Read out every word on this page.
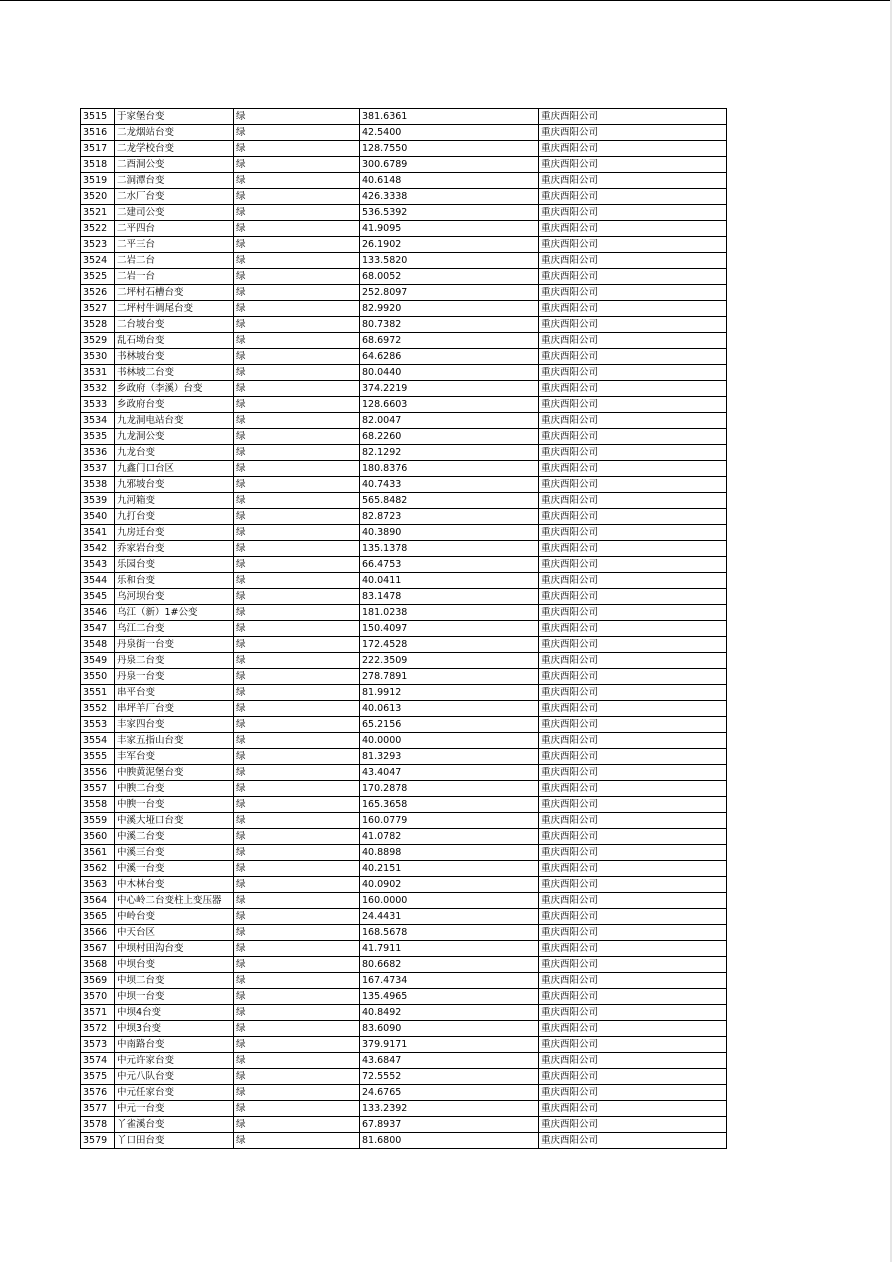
3515	于家堡台变	绿	381.6361	重庆酉阳公司
3516	二龙烟站台变	绿	42.5400	重庆酉阳公司
3517	二龙学校台变	绿	128.7550	重庆酉阳公司
3518	二酉洞公变	绿	300.6789	重庆酉阳公司
3519	二洞潭台变	绿	40.6148	重庆酉阳公司
3520	二水厂台变	绿	426.3338	重庆酉阳公司
3521	二建司公变	绿	536.5392	重庆酉阳公司
3522	二平四台	绿	41.9095	重庆酉阳公司
3523	二平三台	绿	26.1902	重庆酉阳公司
3524	二岩二台	绿	133.5820	重庆酉阳公司
3525	二岩一台	绿	68.0052	重庆酉阳公司
3526	二坪村石槽台变	绿	252.8097	重庆酉阳公司
3527	二坪村牛调尾台变	绿	82.9920	重庆酉阳公司
3528	二台坡台变	绿	80.7382	重庆酉阳公司
3529	乱石坳台变	绿	68.6972	重庆酉阳公司
3530	书林坡台变	绿	64.6286	重庆酉阳公司
3531	书林坡二台变	绿	80.0440	重庆酉阳公司
3532	乡政府（李溪）台变	绿	374.2219	重庆酉阳公司
3533	乡政府台变	绿	128.6603	重庆酉阳公司
3534	九龙洞电站台变	绿	82.0047	重庆酉阳公司
3535	九龙洞公变	绿	68.2260	重庆酉阳公司
3536	九龙台变	绿	82.1292	重庆酉阳公司
3537	九鑫门口台区	绿	180.8376	重庆酉阳公司
3538	九邪坡台变	绿	40.7433	重庆酉阳公司
3539	九河箱变	绿	565.8482	重庆酉阳公司
3540	九打台变	绿	82.8723	重庆酉阳公司
3541	九房迁台变	绿	40.3890	重庆酉阳公司
3542	乔家岩台变	绿	135.1378	重庆酉阳公司
3543	乐园台变	绿	66.4753	重庆酉阳公司
3544	乐和台变	绿	40.0411	重庆酉阳公司
3545	乌河坝台变	绿	83.1478	重庆酉阳公司
3546	乌江（新）1#公变	绿	181.0238	重庆酉阳公司
3547	乌江二台变	绿	150.4097	重庆酉阳公司
3548	丹泉街一台变	绿	172.4528	重庆酉阳公司
3549	丹泉二台变	绿	222.3509	重庆酉阳公司
3550	丹泉一台变	绿	278.7891	重庆酉阳公司
3551	串平台变	绿	81.9912	重庆酉阳公司
3552	串坪羊厂台变	绿	40.0613	重庆酉阳公司
3553	丰家四台变	绿	65.2156	重庆酉阳公司
3554	丰家五指山台变	绿	40.0000	重庆酉阳公司
3555	丰军台变	绿	81.3293	重庆酉阳公司
3556	中腴黄泥堡台变	绿	43.4047	重庆酉阳公司
3557	中腴二台变	绿	170.2878	重庆酉阳公司
3558	中腴一台变	绿	165.3658	重庆酉阳公司
3559	中溪大垭口台变	绿	160.0779	重庆酉阳公司
3560	中溪二台变	绿	41.0782	重庆酉阳公司
3561	中溪三台变	绿	40.8898	重庆酉阳公司
3562	中溪一台变	绿	40.2151	重庆酉阳公司
3563	中木林台变	绿	40.0902	重庆酉阳公司
3564	中心岭二台变柱上变压器	绿	160.0000	重庆酉阳公司
3565	中岭台变	绿	24.4431	重庆酉阳公司
3566	中天台区	绿	168.5678	重庆酉阳公司
3567	中坝村田沟台变	绿	41.7911	重庆酉阳公司
3568	中坝台变	绿	80.6682	重庆酉阳公司
3569	中坝二台变	绿	167.4734	重庆酉阳公司
3570	中坝一台变	绿	135.4965	重庆酉阳公司
3571	中坝4台变	绿	40.8492	重庆酉阳公司
3572	中坝3台变	绿	83.6090	重庆酉阳公司
3573	中南路台变	绿	379.9171	重庆酉阳公司
3574	中元许家台变	绿	43.6847	重庆酉阳公司
3575	中元八队台变	绿	72.5552	重庆酉阳公司
3576	中元任家台变	绿	24.6765	重庆酉阳公司
3577	中元一台变	绿	133.2392	重庆酉阳公司
3578	丫雀溪台变	绿	67.8937	重庆酉阳公司
3579	丫口田台变	绿	81.6800	重庆酉阳公司
